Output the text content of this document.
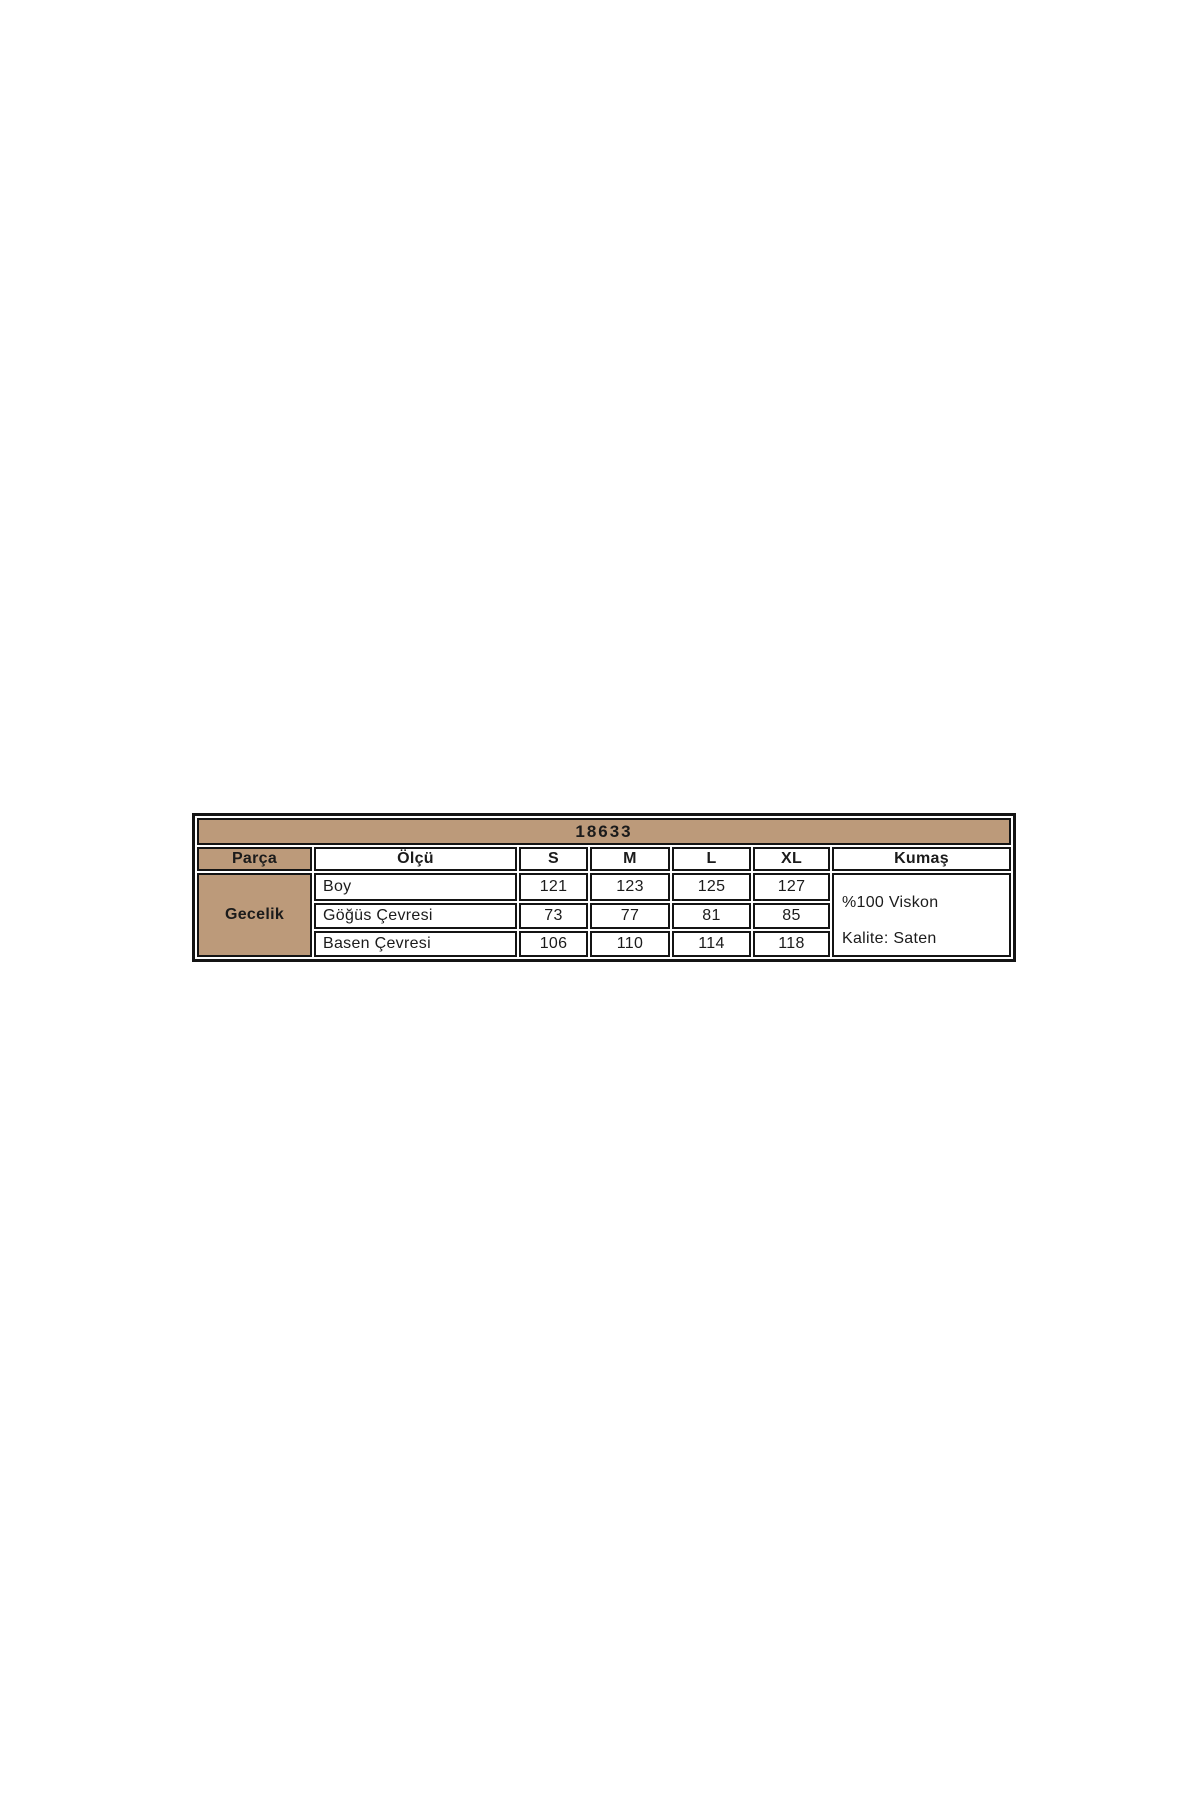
18633						
Parça	Ölçü	S	M	L	XL	Kumaş
Gecelik	Boy	121	123	125	127	%100 Viskon
Kalite: Saten

	Göğüs Çevresi	73	77	81	85	
	Basen Çevresi	106	110	114	118	
